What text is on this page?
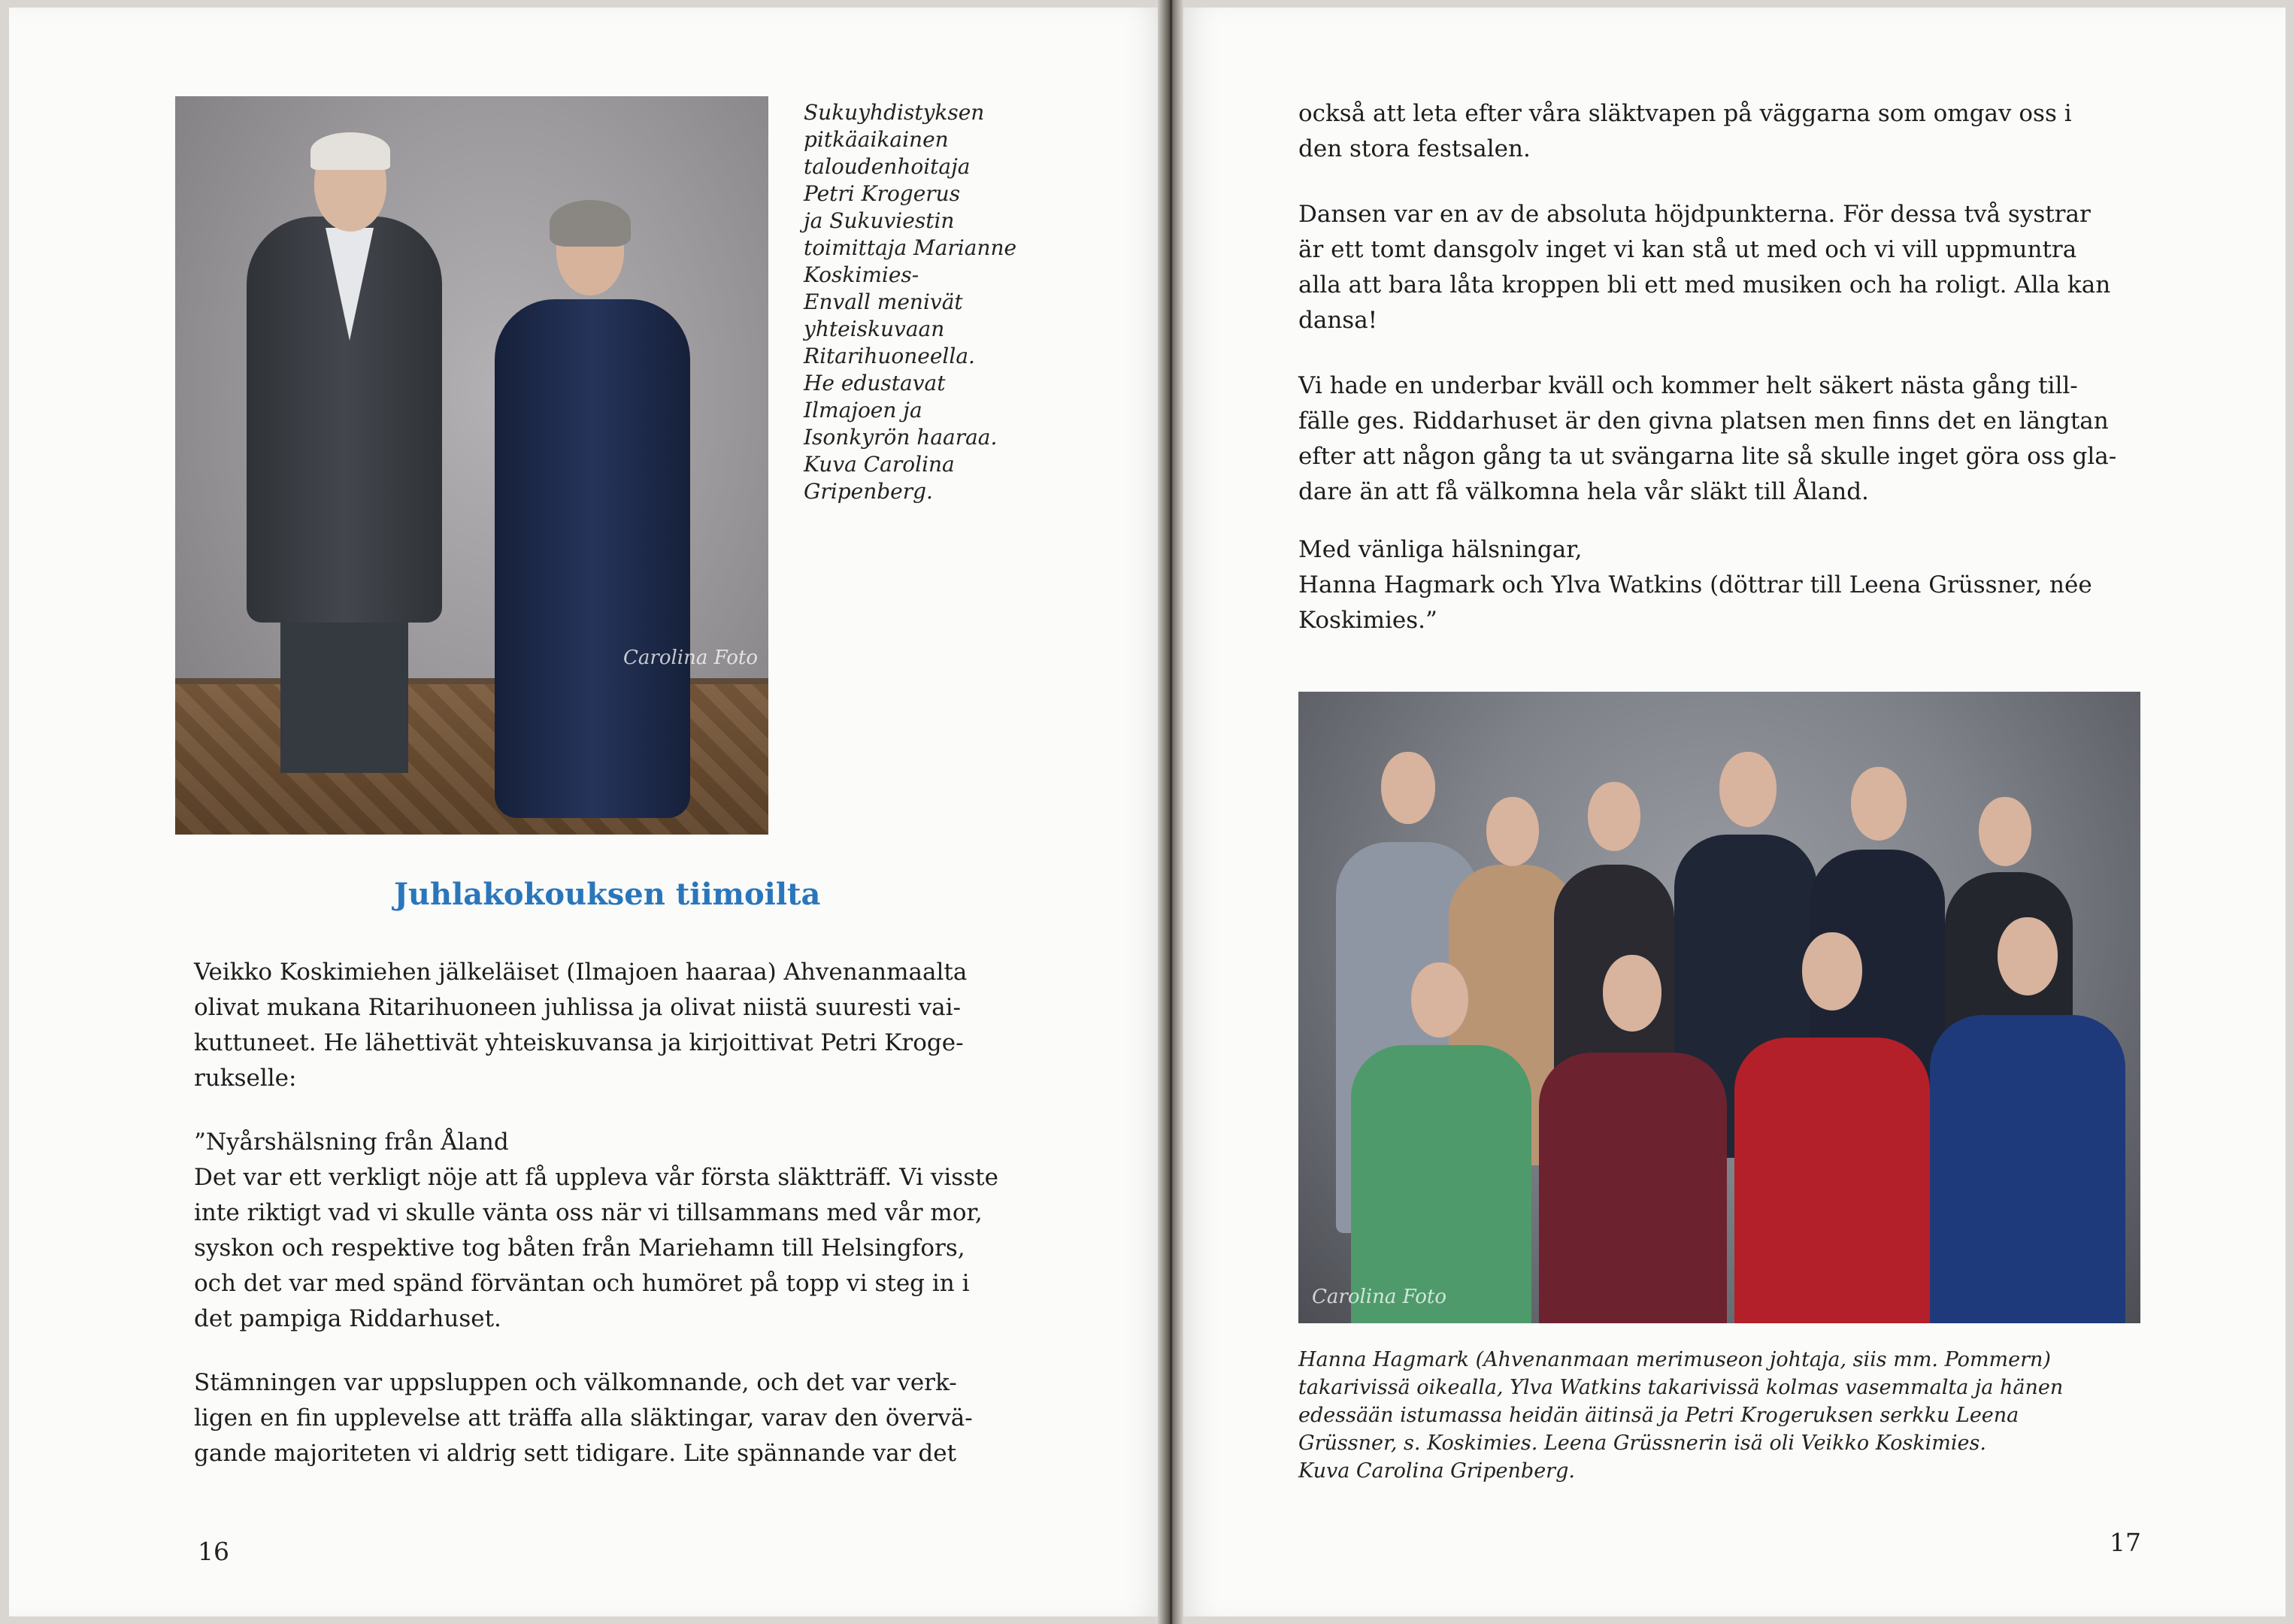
Carolina Foto
Sukuyhdistyksen
pitkäaikainen
taloudenhoitaja
Petri Krogerus
ja Sukuviestin
toimittaja Marianne
Koskimies-
Envall menivät
yhteiskuvaan
Ritarihuoneella.
He edustavat
Ilmajoen ja
Isonkyrön haaraa.
Kuva Carolina
Gripenberg.
Juhlakokouksen tiimoilta
Veikko Koskimiehen jälkeläiset (Ilmajoen haaraa) Ahvenanmaalta
olivat mukana Ritarihuoneen juhlissa ja olivat niistä suuresti vai-
kuttuneet. He lähettivät yhteiskuvansa ja kirjoittivat Petri Kroge-
rukselle:
”Nyårshälsning från Åland
Det var ett verkligt nöje att få uppleva vår första släktträff. Vi visste
inte riktigt vad vi skulle vänta oss när vi tillsammans med vår mor,
syskon och respektive tog båten från Mariehamn till Helsingfors,
och det var med spänd förväntan och humöret på topp vi steg in i
det pampiga Riddarhuset.
Stämningen var uppsluppen och välkomnande, och det var verk-
ligen en fin upplevelse att träffa alla släktingar, varav den övervä-
gande majoriteten vi aldrig sett tidigare. Lite spännande var det
16
också att leta efter våra släktvapen på väggarna som omgav oss i
den stora festsalen.
Dansen var en av de absoluta höjdpunkterna. För dessa två systrar
är ett tomt dansgolv inget vi kan stå ut med och vi vill uppmuntra
alla att bara låta kroppen bli ett med musiken och ha roligt. Alla kan
dansa!
Vi hade en underbar kväll och kommer helt säkert nästa gång till-
fälle ges. Riddarhuset är den givna platsen men finns det en längtan
efter att någon gång ta ut svängarna lite så skulle inget göra oss gla-
dare än att få välkomna hela vår släkt till Åland.
Med vänliga hälsningar,
Hanna Hagmark och Ylva Watkins (döttrar till Leena Grüssner, née
Koskimies.”
Carolina Foto
Hanna Hagmark (Ahvenanmaan merimuseon johtaja, siis mm. Pommern)
takarivissä oikealla, Ylva Watkins takarivissä kolmas vasemmalta ja hänen
edessään istumassa heidän äitinsä ja Petri Krogeruksen serkku Leena
Grüssner, s. Koskimies. Leena Grüssnerin isä oli Veikko Koskimies.
Kuva Carolina Gripenberg.
17
